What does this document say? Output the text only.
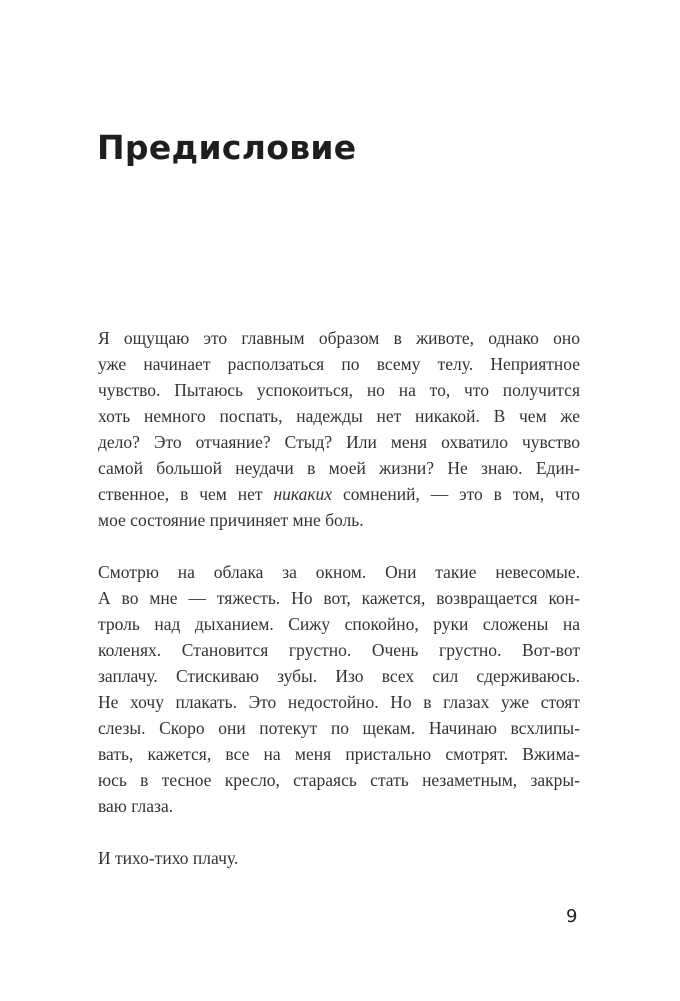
Предисловие
Я ощущаю это главным образом в животе, однако оно
уже начинает расползаться по всему телу. Неприятное
чувство. Пытаюсь успокоиться, но на то, что получится
хоть немного поспать, надежды нет никакой. В чем же
дело? Это отчаяние? Стыд? Или меня охватило чувство
самой большой неудачи в моей жизни? Не знаю. Един-
ственное, в чем нет никаких сомнений, — это в том, что
мое состояние причиняет мне боль.
Смотрю на облака за окном. Они такие невесомые.
А во мне — тяжесть. Но вот, кажется, возвращается кон-
троль над дыханием. Сижу спокойно, руки сложены на
коленях. Становится грустно. Очень грустно. Вот-вот
заплачу. Стискиваю зубы. Изо всех сил сдерживаюсь.
Не хочу плакать. Это недостойно. Но в глазах уже стоят
слезы. Скоро они потекут по щекам. Начинаю всхлипы-
вать, кажется, все на меня пристально смотрят. Вжима-
юсь в тесное кресло, стараясь стать незаметным, закры-
ваю глаза.
И тихо-тихо плачу.
9
